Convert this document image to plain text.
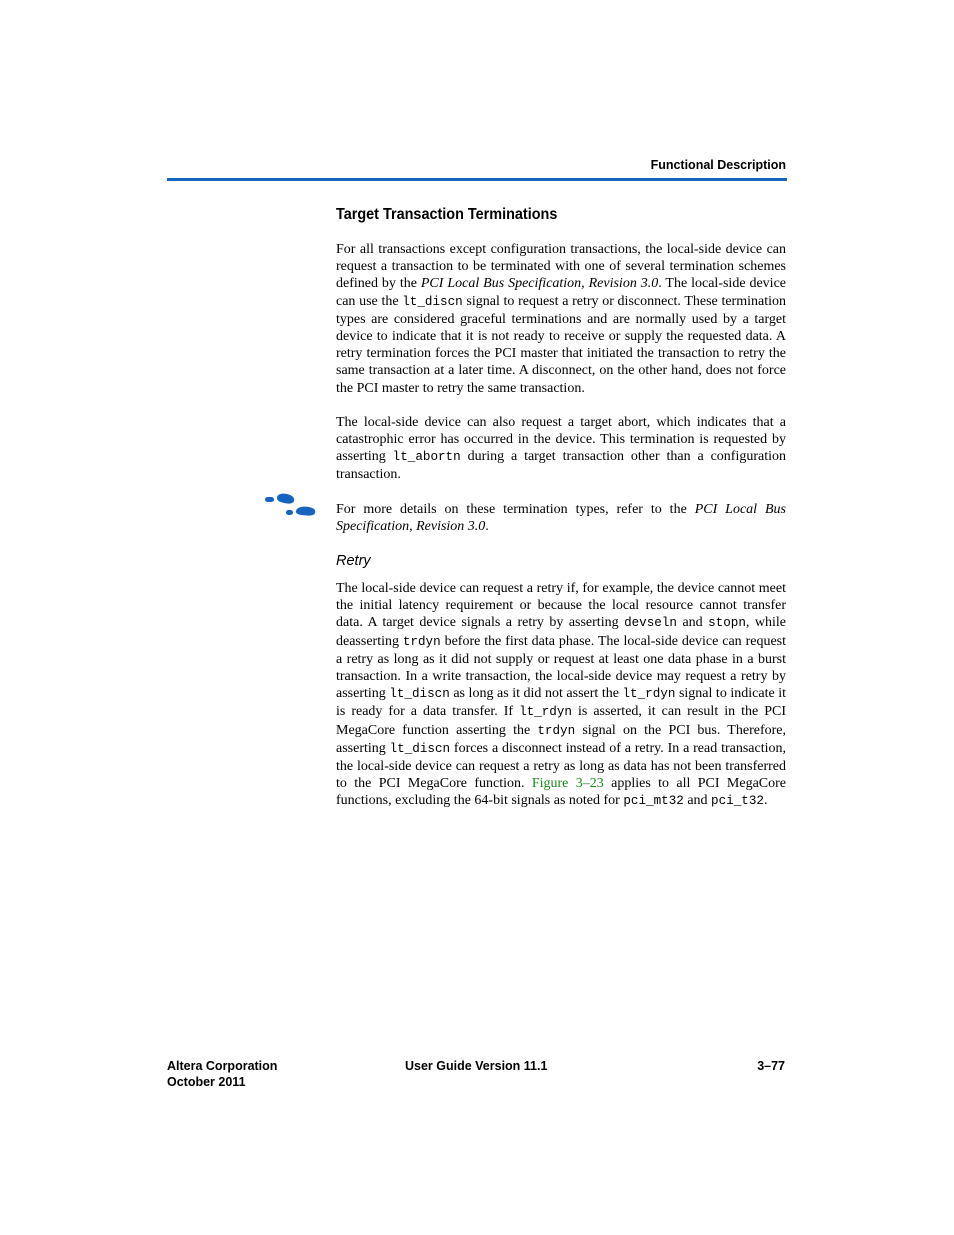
Functional Description
Target Transaction Terminations

For all transactions except configuration transactions, the local-side device can request a transaction to be terminated with one of several termination schemes defined by the PCI Local Bus Specification, Revision 3.0. The local-side device can use the lt_discn signal to request a retry or disconnect. These termination types are considered graceful terminations and are normally used by a target device to indicate that it is not ready to receive or supply the requested data. A retry termination forces the PCI master that initiated the transaction to retry the same transaction at a later time. A disconnect, on the other hand, does not force the PCI master to retry the same transaction.

The local-side device can also request a target abort, which indicates that a catastrophic error has occurred in the device. This termination is requested by asserting lt_abortn during a target transaction other than a configuration transaction.

For more details on these termination types, refer to the PCI Local Bus Specification, Revision 3.0.

Retry

The local-side device can request a retry if, for example, the device cannot meet the initial latency requirement or because the local resource cannot transfer data. A target device signals a retry by asserting devseln and stopn, while deasserting trdyn before the first data phase. The local-side device can request a retry as long as it did not supply or request at least one data phase in a burst transaction. In a write transaction, the local-side device may request a retry by asserting lt_discn as long as it did not assert the lt_rdyn signal to indicate it is ready for a data transfer. If lt_rdyn is asserted, it can result in the PCI MegaCore function asserting the trdyn signal on the PCI bus. Therefore, asserting lt_discn forces a disconnect instead of a retry. In a read transaction, the local-side device can request a retry as long as data has not been transferred to the PCI MegaCore function. Figure 3–23 applies to all PCI MegaCore functions, excluding the 64-bit signals as noted for pci_mt32 and pci_t32.

Altera Corporation
October 2011
User Guide Version 11.1	3–77
